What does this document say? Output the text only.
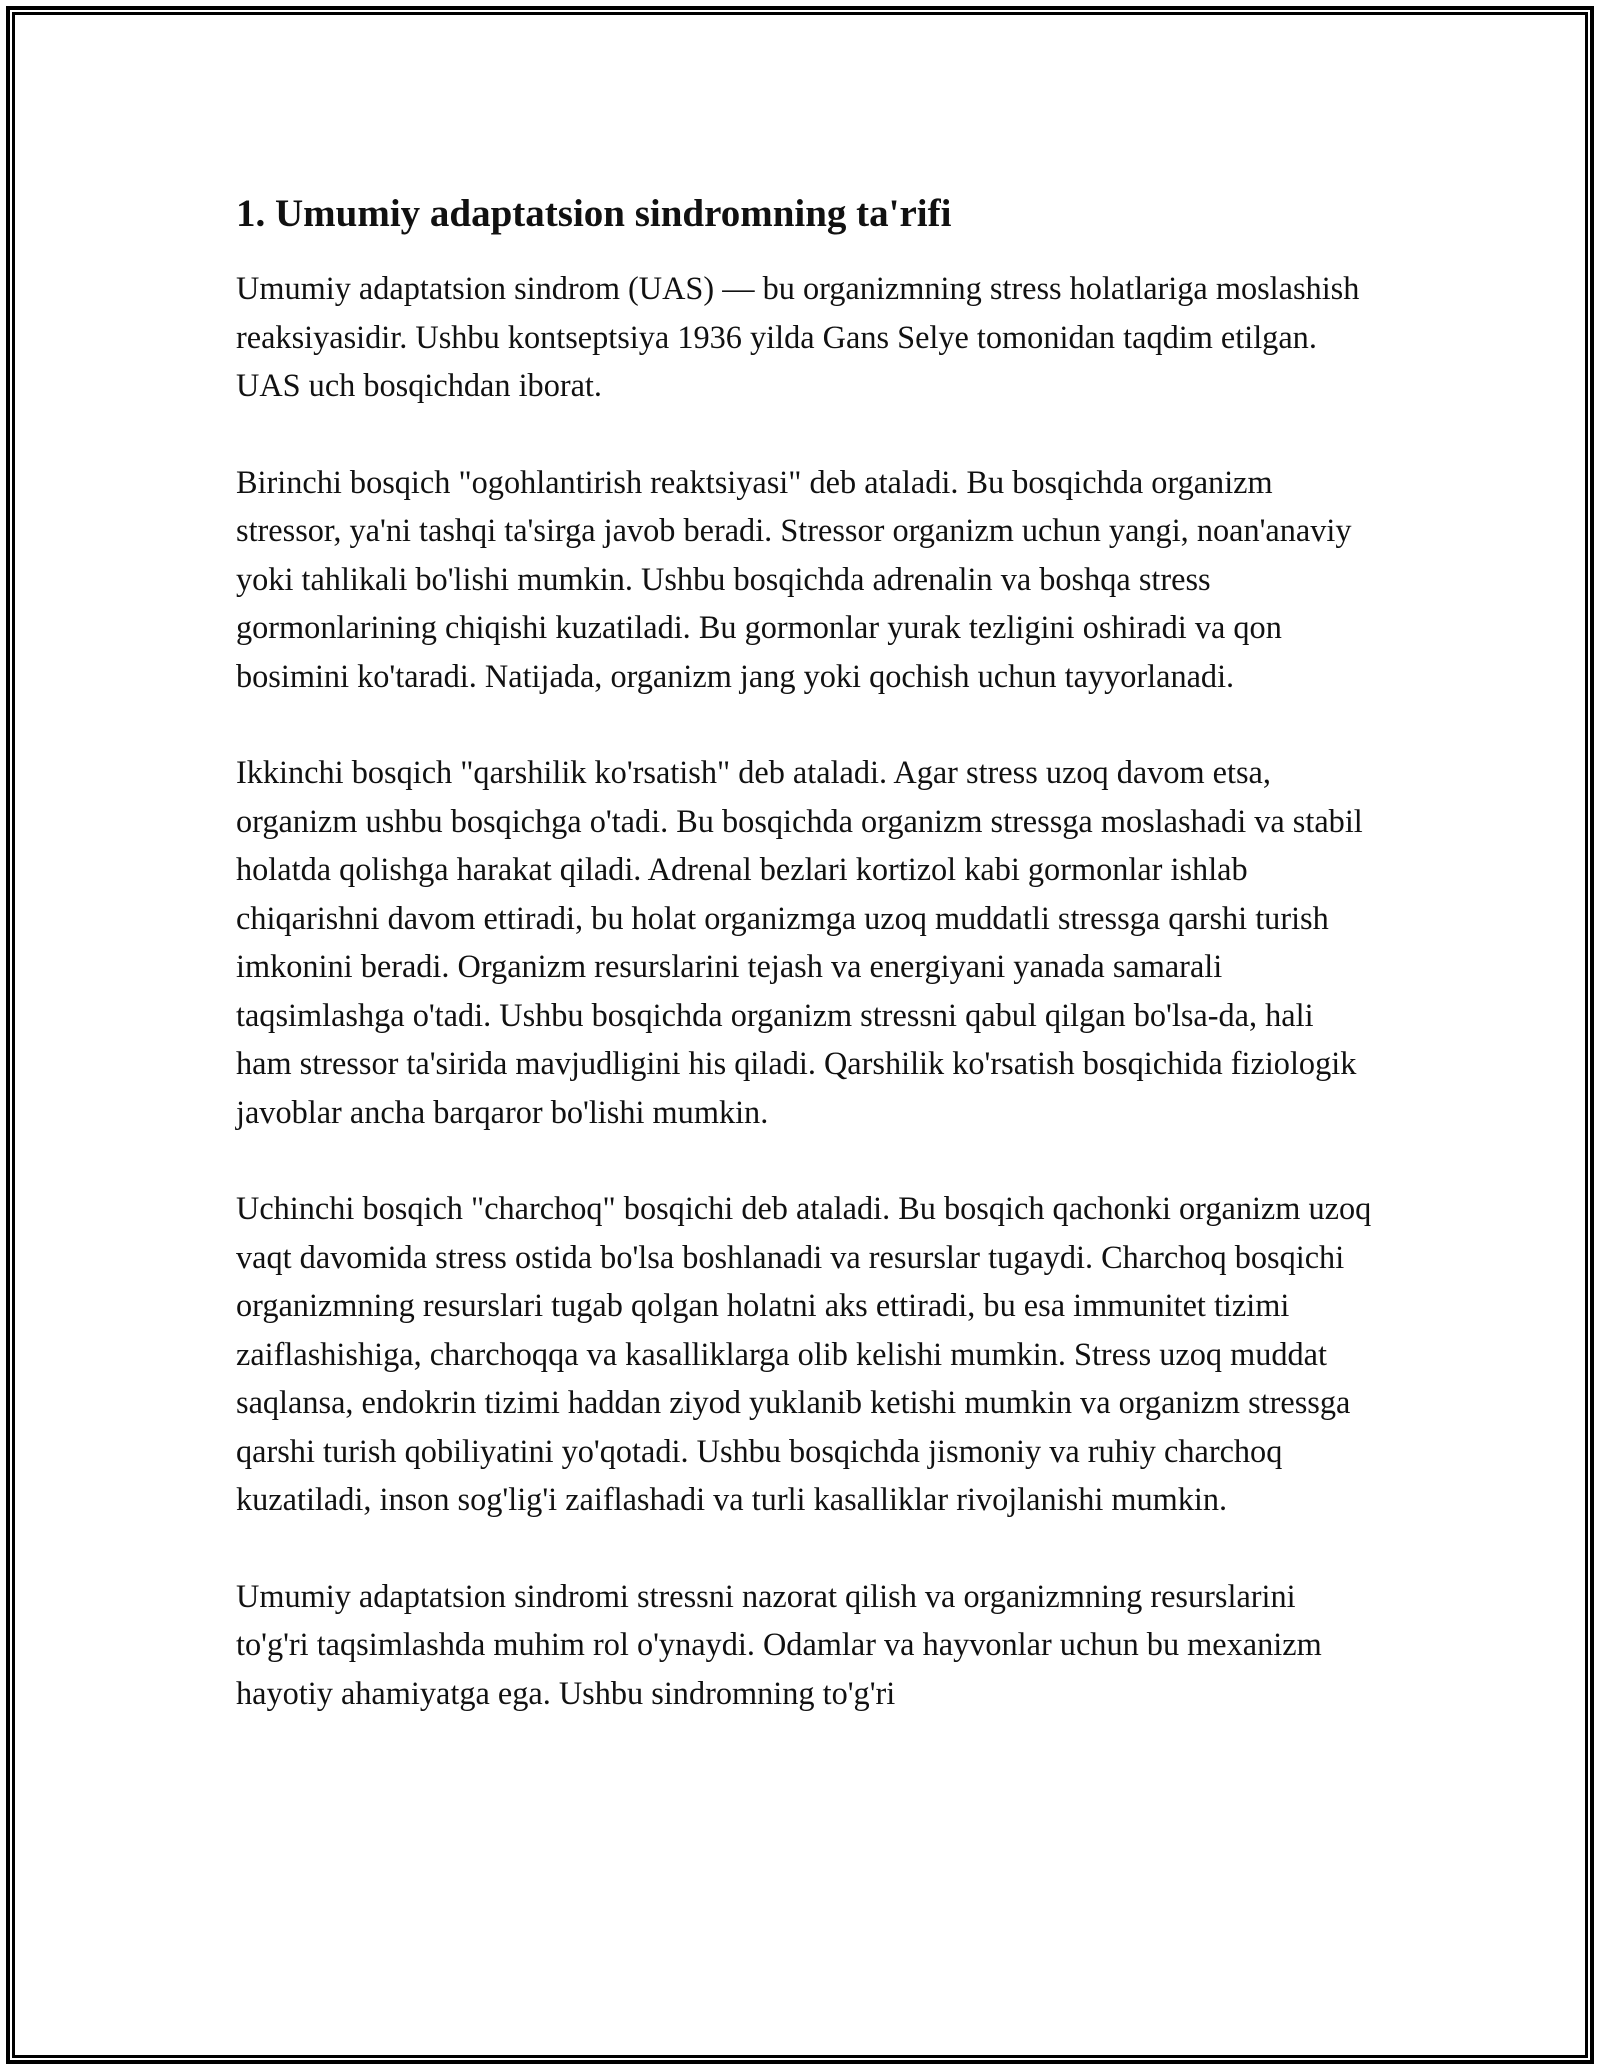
1. Umumiy adaptatsion sindromning ta'rifi

Umumiy adaptatsion sindrom (UAS) — bu organizmning stress holatlariga moslashish reaksiyasidir. Ushbu kontseptsiya 1936 yilda Gans Selye tomonidan taqdim etilgan. UAS uch bosqichdan iborat.

Birinchi bosqich "ogohlantirish reaktsiyasi" deb ataladi. Bu bosqichda organizm stressor, ya'ni tashqi ta'sirga javob beradi. Stressor organizm uchun yangi, noan'anaviy yoki tahlikali bo'lishi mumkin. Ushbu bosqichda adrenalin va boshqa stress gormonlarining chiqishi kuzatiladi. Bu gormonlar yurak tezligini oshiradi va qon bosimini ko'taradi. Natijada, organizm jang yoki qochish uchun tayyorlanadi.

Ikkinchi bosqich "qarshilik ko'rsatish" deb ataladi. Agar stress uzoq davom etsa, organizm ushbu bosqichga o'tadi. Bu bosqichda organizm stressga moslashadi va stabil holatda qolishga harakat qiladi. Adrenal bezlari kortizol kabi gormonlar ishlab chiqarishni davom ettiradi, bu holat organizmga uzoq muddatli stressga qarshi turish imkonini beradi. Organizm resurslarini tejash va energiyani yanada samarali taqsimlashga o'tadi. Ushbu bosqichda organizm stressni qabul qilgan bo'lsa-da, hali ham stressor ta'sirida mavjudligini his qiladi. Qarshilik ko'rsatish bosqichida fiziologik javoblar ancha barqaror bo'lishi mumkin.

Uchinchi bosqich "charchoq" bosqichi deb ataladi. Bu bosqich qachonki organizm uzoq vaqt davomida stress ostida bo'lsa boshlanadi va resurslar tugaydi. Charchoq bosqichi organizmning resurslari tugab qolgan holatni aks ettiradi, bu esa immunitet tizimi zaiflashishiga, charchoqqa va kasalliklarga olib kelishi mumkin. Stress uzoq muddat saqlansa, endokrin tizimi haddan ziyod yuklanib ketishi mumkin va organizm stressga qarshi turish qobiliyatini yo'qotadi. Ushbu bosqichda jismoniy va ruhiy charchoq kuzatiladi, inson sog'lig'i zaiflashadi va turli kasalliklar rivojlanishi mumkin.

Umumiy adaptatsion sindromi stressni nazorat qilish va organizmning resurslarini to'g'ri taqsimlashda muhim rol o'ynaydi. Odamlar va hayvonlar uchun bu mexanizm hayotiy ahamiyatga ega. Ushbu sindromning to'g'ri
